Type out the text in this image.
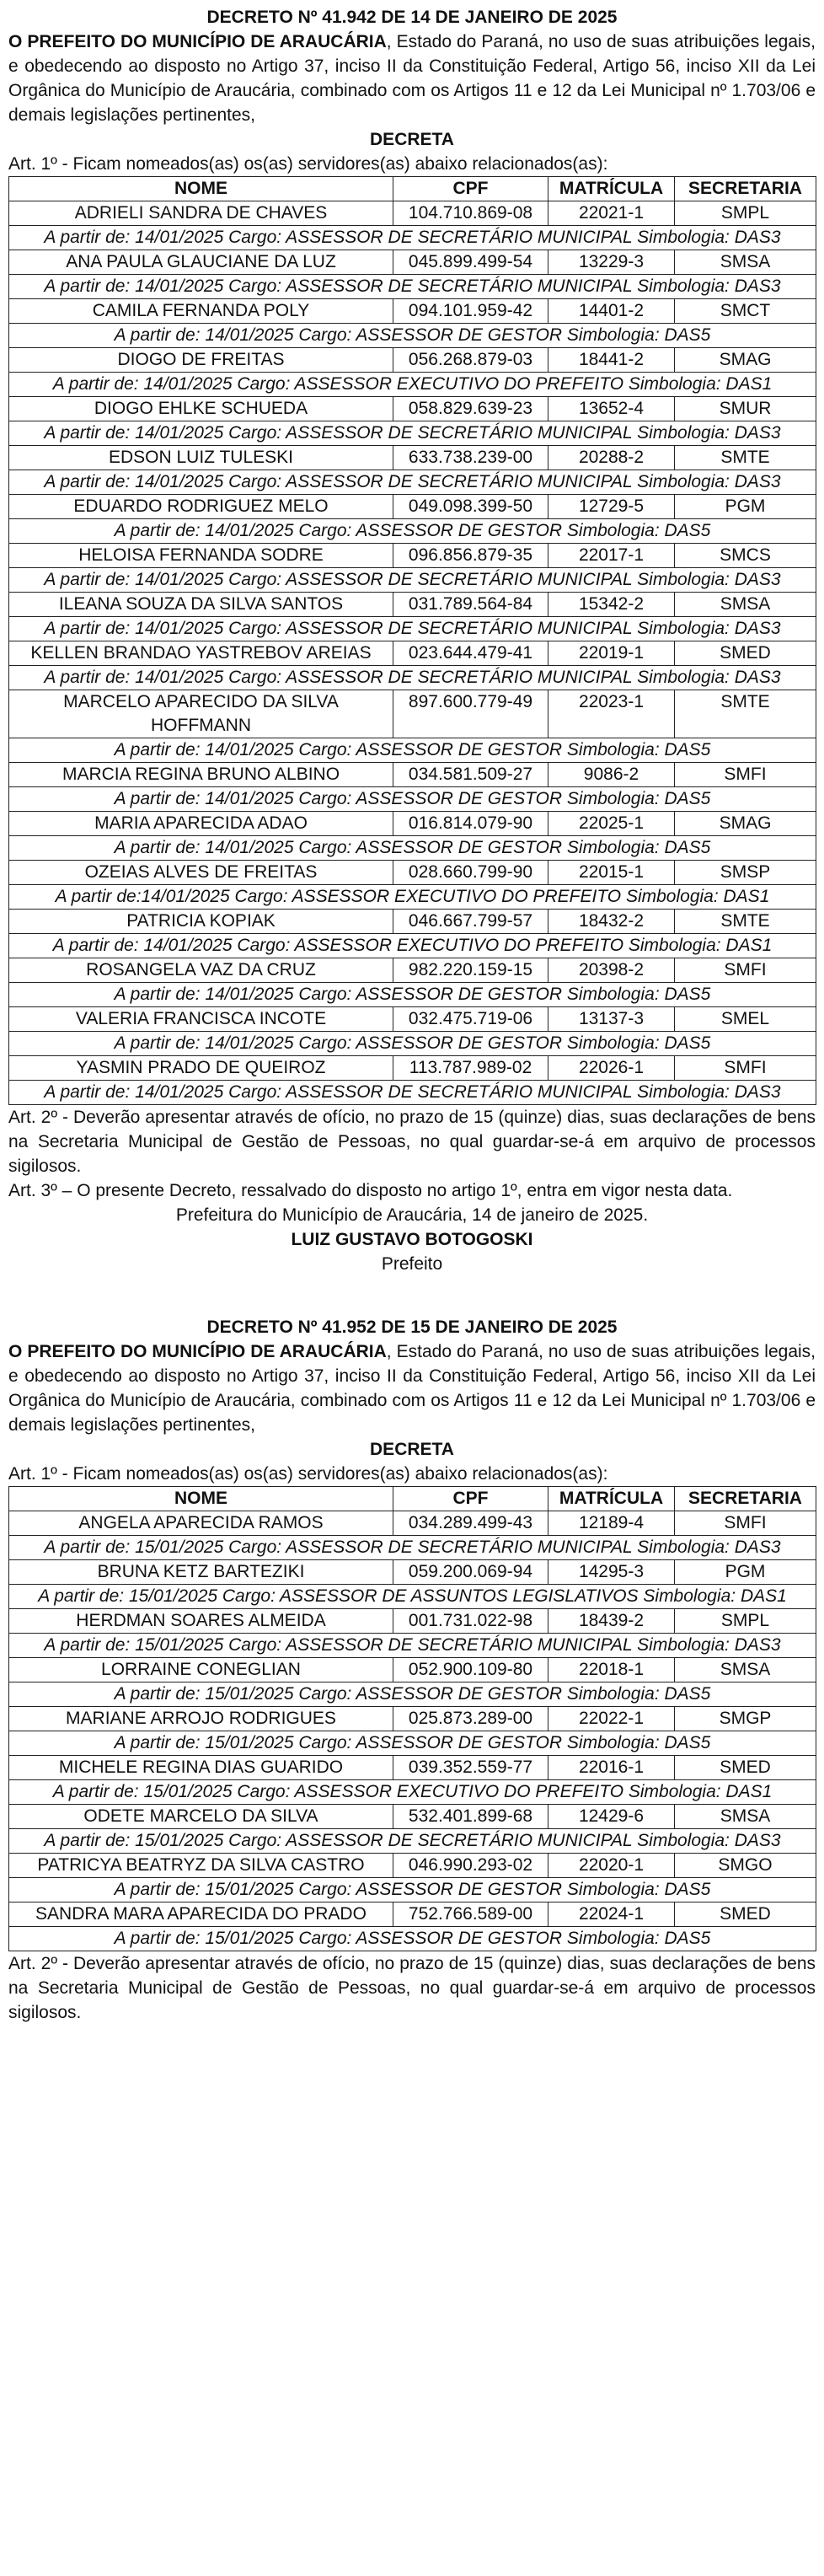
DECRETO Nº 41.942 DE 14 DE JANEIRO DE 2025
O PREFEITO DO MUNICÍPIO DE ARAUCÁRIA, Estado do Paraná, no uso de suas atribuições legais, e obedecendo ao disposto no Artigo 37, inciso II da Constituição Federal, Artigo 56, inciso XII da Lei Orgânica do Município de Araucária, combinado com os Artigos 11 e 12 da Lei Municipal nº 1.703/06 e demais legislações pertinentes,
DECRETA
Art. 1º - Ficam nomeados(as) os(as) servidores(as) abaixo relacionados(as):
NOME	CPF	MATRÍCULA	SECRETARIA
ADRIELI SANDRA DE CHAVES	104.710.869-08	22021-1	SMPL
A partir de: 14/01/2025 Cargo: ASSESSOR DE SECRETÁRIO MUNICIPAL Simbologia: DAS3			
ANA PAULA GLAUCIANE DA LUZ	045.899.499-54	13229-3	SMSA
A partir de: 14/01/2025 Cargo: ASSESSOR DE SECRETÁRIO MUNICIPAL Simbologia: DAS3			
CAMILA FERNANDA POLY	094.101.959-42	14401-2	SMCT
A partir de: 14/01/2025 Cargo: ASSESSOR DE GESTOR Simbologia: DAS5			
DIOGO DE FREITAS	056.268.879-03	18441-2	SMAG
A partir de: 14/01/2025 Cargo: ASSESSOR EXECUTIVO DO PREFEITO Simbologia: DAS1			
DIOGO EHLKE SCHUEDA	058.829.639-23	13652-4	SMUR
A partir de: 14/01/2025 Cargo: ASSESSOR DE SECRETÁRIO MUNICIPAL Simbologia: DAS3			
EDSON LUIZ TULESKI	633.738.239-00	20288-2	SMTE
A partir de: 14/01/2025 Cargo: ASSESSOR DE SECRETÁRIO MUNICIPAL Simbologia: DAS3			
EDUARDO RODRIGUEZ MELO	049.098.399-50	12729-5	PGM
A partir de: 14/01/2025 Cargo: ASSESSOR DE GESTOR Simbologia: DAS5			
HELOISA FERNANDA SODRE	096.856.879-35	22017-1	SMCS
A partir de: 14/01/2025 Cargo: ASSESSOR DE SECRETÁRIO MUNICIPAL Simbologia: DAS3			
ILEANA SOUZA DA SILVA SANTOS	031.789.564-84	15342-2	SMSA
A partir de: 14/01/2025 Cargo: ASSESSOR DE SECRETÁRIO MUNICIPAL Simbologia: DAS3			
KELLEN BRANDAO YASTREBOV AREIAS	023.644.479-41	22019-1	SMED
A partir de: 14/01/2025 Cargo: ASSESSOR DE SECRETÁRIO MUNICIPAL Simbologia: DAS3			
MARCELO APARECIDO DA SILVA HOFFMANN	897.600.779-49	22023-1	SMTE
A partir de: 14/01/2025 Cargo: ASSESSOR DE GESTOR Simbologia: DAS5			
MARCIA REGINA BRUNO ALBINO	034.581.509-27	9086-2	SMFI
A partir de: 14/01/2025 Cargo: ASSESSOR DE GESTOR Simbologia: DAS5			
MARIA APARECIDA ADAO	016.814.079-90	22025-1	SMAG
A partir de: 14/01/2025 Cargo: ASSESSOR DE GESTOR Simbologia: DAS5			
OZEIAS ALVES DE FREITAS	028.660.799-90	22015-1	SMSP
A partir de:14/01/2025 Cargo: ASSESSOR EXECUTIVO DO PREFEITO Simbologia: DAS1			
PATRICIA KOPIAK	046.667.799-57	18432-2	SMTE
A partir de: 14/01/2025 Cargo: ASSESSOR EXECUTIVO DO PREFEITO Simbologia: DAS1			
ROSANGELA VAZ DA CRUZ	982.220.159-15	20398-2	SMFI
A partir de: 14/01/2025 Cargo: ASSESSOR DE GESTOR Simbologia: DAS5			
VALERIA FRANCISCA INCOTE	032.475.719-06	13137-3	SMEL
A partir de: 14/01/2025 Cargo: ASSESSOR DE GESTOR Simbologia: DAS5			
YASMIN PRADO DE QUEIROZ	113.787.989-02	22026-1	SMFI
A partir de: 14/01/2025 Cargo: ASSESSOR DE SECRETÁRIO MUNICIPAL Simbologia: DAS3			
Art. 2º - Deverão apresentar através de ofício, no prazo de 15 (quinze) dias, suas declarações de bens na Secretaria Municipal de Gestão de Pessoas, no qual guardar-se-á em arquivo de processos sigilosos.
Art. 3º – O presente Decreto, ressalvado do disposto no artigo 1º, entra em vigor nesta data.
Prefeitura do Município de Araucária, 14 de janeiro de 2025.
LUIZ GUSTAVO BOTOGOSKI
Prefeito
DECRETO Nº 41.952 DE 15 DE JANEIRO DE 2025
O PREFEITO DO MUNICÍPIO DE ARAUCÁRIA, Estado do Paraná, no uso de suas atribuições legais, e obedecendo ao disposto no Artigo 37, inciso II da Constituição Federal, Artigo 56, inciso XII da Lei Orgânica do Município de Araucária, combinado com os Artigos 11 e 12 da Lei Municipal nº 1.703/06 e demais legislações pertinentes,
DECRETA
Art. 1º - Ficam nomeados(as) os(as) servidores(as) abaixo relacionados(as):
NOME	CPF	MATRÍCULA	SECRETARIA
ANGELA APARECIDA RAMOS	034.289.499-43	12189-4	SMFI
A partir de: 15/01/2025 Cargo: ASSESSOR DE SECRETÁRIO MUNICIPAL Simbologia: DAS3			
BRUNA KETZ BARTEZIKI	059.200.069-94	14295-3	PGM
A partir de: 15/01/2025 Cargo: ASSESSOR DE ASSUNTOS LEGISLATIVOS Simbologia: DAS1			
HERDMAN SOARES ALMEIDA	001.731.022-98	18439-2	SMPL
A partir de: 15/01/2025 Cargo: ASSESSOR DE SECRETÁRIO MUNICIPAL Simbologia: DAS3			
LORRAINE CONEGLIAN	052.900.109-80	22018-1	SMSA
A partir de: 15/01/2025 Cargo: ASSESSOR DE GESTOR Simbologia: DAS5			
MARIANE ARROJO RODRIGUES	025.873.289-00	22022-1	SMGP
A partir de: 15/01/2025 Cargo: ASSESSOR DE GESTOR Simbologia: DAS5			
MICHELE REGINA DIAS GUARIDO	039.352.559-77	22016-1	SMED
A partir de: 15/01/2025 Cargo: ASSESSOR EXECUTIVO DO PREFEITO Simbologia: DAS1			
ODETE MARCELO DA SILVA	532.401.899-68	12429-6	SMSA
A partir de: 15/01/2025 Cargo: ASSESSOR DE SECRETÁRIO MUNICIPAL Simbologia: DAS3			
PATRICYA BEATRYZ DA SILVA CASTRO	046.990.293-02	22020-1	SMGO
A partir de: 15/01/2025 Cargo: ASSESSOR DE GESTOR Simbologia: DAS5			
SANDRA MARA APARECIDA DO PRADO	752.766.589-00	22024-1	SMED
A partir de: 15/01/2025 Cargo: ASSESSOR DE GESTOR Simbologia: DAS5			
Art. 2º - Deverão apresentar através de ofício, no prazo de 15 (quinze) dias, suas declarações de bens na Secretaria Municipal de Gestão de Pessoas, no qual guardar-se-á em arquivo de processos sigilosos.
